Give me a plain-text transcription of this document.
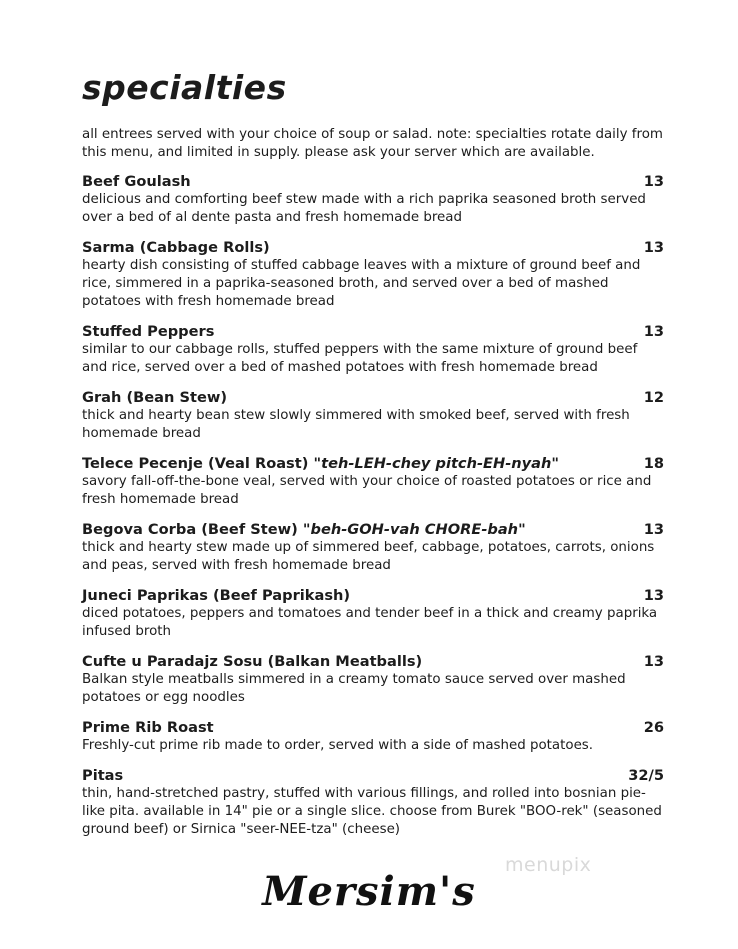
specialties

all entrees served with your choice of soup or salad. note: specialties rotate daily from this menu, and limited in supply. please ask your server which are available.

Beef Goulash	13
delicious and comforting beef stew made with a rich paprika seasoned broth served over a bed of al dente pasta and fresh homemade bread
Sarma (Cabbage Rolls)	13
hearty dish consisting of stuffed cabbage leaves with a mixture of ground beef and rice, simmered in a paprika-seasoned broth, and served over a bed of mashed potatoes with fresh homemade bread
Stuffed Peppers	13
similar to our cabbage rolls, stuffed peppers with the same mixture of ground beef and rice, served over a bed of mashed potatoes with fresh homemade bread
Grah (Bean Stew)	12
thick and hearty bean stew slowly simmered with smoked beef, served with fresh homemade bread
Telece Pecenje (Veal Roast) "teh-LEH-chey pitch-EH-nyah"	18
savory fall-off-the-bone veal, served with your choice of roasted potatoes or rice and fresh homemade bread
Begova Corba (Beef Stew) "beh-GOH-vah CHORE-bah"	13
thick and hearty stew made up of simmered beef, cabbage, potatoes, carrots, onions and peas, served with fresh homemade bread
Juneci Paprikas (Beef Paprikash)	13
diced potatoes, peppers and tomatoes and tender beef in a thick and creamy paprika infused broth
Cufte u Paradajz Sosu (Balkan Meatballs)	13
Balkan style meatballs simmered in a creamy tomato sauce served over mashed potatoes or egg noodles
Prime Rib Roast	26
Freshly-cut prime rib made to order, served with a side of mashed potatoes.
Pitas	32/5
thin, hand-stretched pastry, stuffed with various fillings, and rolled into bosnian pie-like pita. available in 14" pie or a single slice. choose from Burek "BOO-rek" (seasoned ground beef) or Sirnica "seer-NEE-tza" (cheese)
menupix
Mersim's
